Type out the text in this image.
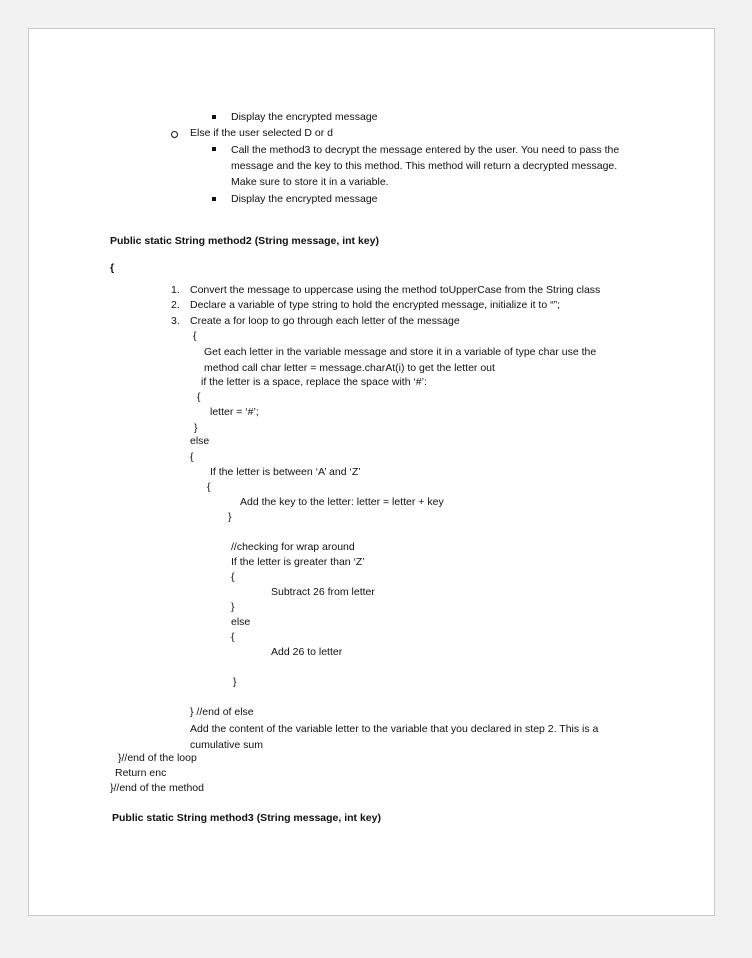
Display the encrypted message
Else if the user selected D or d
Call the method3 to decrypt the message entered by the user. You need to pass the message and the key to this method. This method will return a decrypted message. Make sure to store it in a variable.
Display the encrypted message
Public static String method2 (String message, int key)
{
1. Convert the message to uppercase using the method toUpperCase from the String class
2. Declare a variable of type string to hold the encrypted message, initialize it to “”;
3. Create a for loop to go through each letter of the message
{
Get each letter in the variable message and store it in a variable of type char use the method call char letter = message.charAt(i) to get the letter out
if the letter is a space, replace the space with ‘#’:
{
letter = ‘#’;
}
else
{
If the letter is between ‘A’ and ‘Z’
{
Add the key to the letter: letter = letter + key
}
//checking for wrap around
If the letter is greater than ‘Z’
{
Subtract 26 from letter
}
else
{
Add 26 to letter
}
} //end of else
Add the content of the variable letter to the variable that you declared in step 2. This is a cumulative sum
}//end of the loop
Return enc
}//end of the method
Public static String method3 (String message, int key)
